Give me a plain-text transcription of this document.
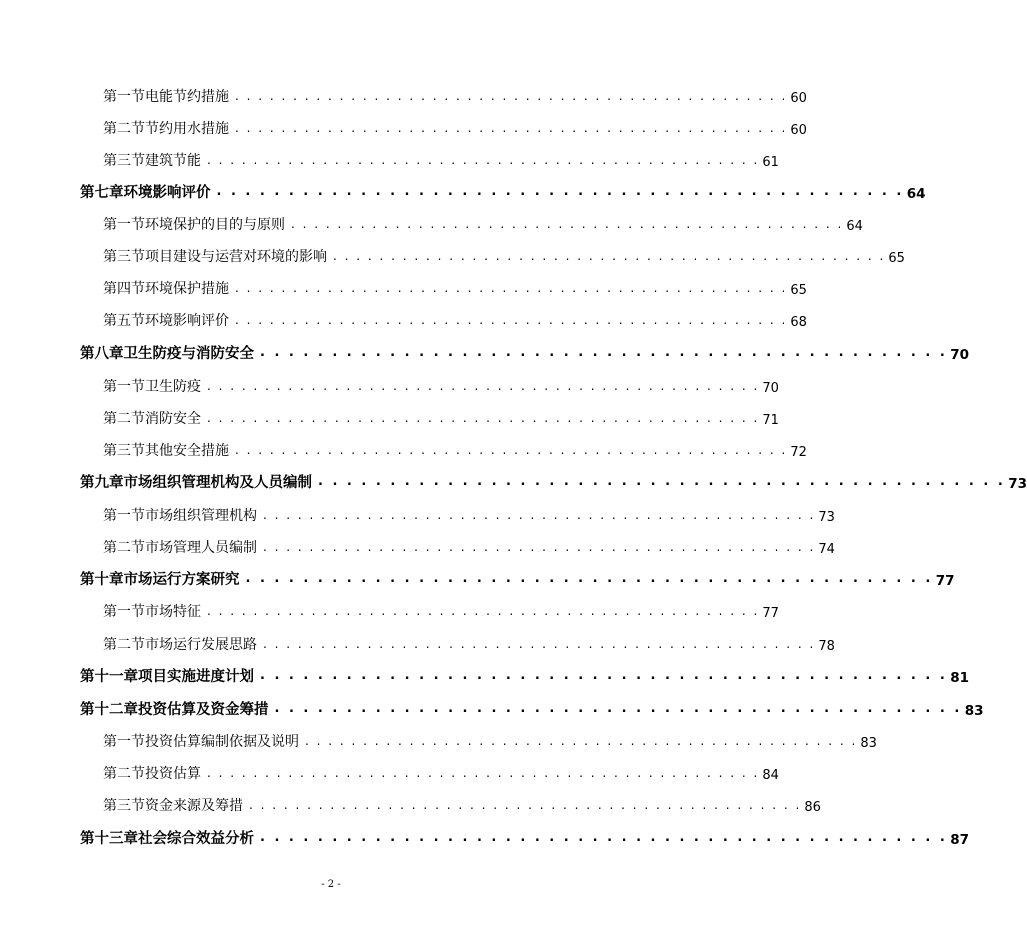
第一节 电能节约措施 . . . . . . . . . . . . . . . . . . . . . . . . . . . . . . . . . . . . . . . . . . . . . . . . 60
第二节 节约用水措施 . . . . . . . . . . . . . . . . . . . . . . . . . . . . . . . . . . . . . . . . . . . . . . . . 60
第三节 建筑节能 . . . . . . . . . . . . . . . . . . . . . . . . . . . . . . . . . . . . . . . . . . . . . . . . 61
第七章 环境影响评价 . . . . . . . . . . . . . . . . . . . . . . . . . . . . . . . . . . . . . . . . . . . . . . . . 64
第一节 环境保护的目的与原则 . . . . . . . . . . . . . . . . . . . . . . . . . . . . . . . . . . . . . . . . . . . . . . . . 64
第三节 项目建设与运营对环境的影响 . . . . . . . . . . . . . . . . . . . . . . . . . . . . . . . . . . . . . . . . . . . . . . . . 65
第四节 环境保护措施 . . . . . . . . . . . . . . . . . . . . . . . . . . . . . . . . . . . . . . . . . . . . . . . . 65
第五节 环境影响评价 . . . . . . . . . . . . . . . . . . . . . . . . . . . . . . . . . . . . . . . . . . . . . . . . 68
第八章 卫生防疫与消防安全 . . . . . . . . . . . . . . . . . . . . . . . . . . . . . . . . . . . . . . . . . . . . . . . . 70
第一节 卫生防疫 . . . . . . . . . . . . . . . . . . . . . . . . . . . . . . . . . . . . . . . . . . . . . . . . 70
第二节 消防安全 . . . . . . . . . . . . . . . . . . . . . . . . . . . . . . . . . . . . . . . . . . . . . . . . 71
第三节 其他安全措施 . . . . . . . . . . . . . . . . . . . . . . . . . . . . . . . . . . . . . . . . . . . . . . . . 72
第九章 市场组织管理机构及人员编制 . . . . . . . . . . . . . . . . . . . . . . . . . . . . . . . . . . . . . . . . . . . . . . . . 73
第一节 市场组织管理机构 . . . . . . . . . . . . . . . . . . . . . . . . . . . . . . . . . . . . . . . . . . . . . . . . 73
第二节 市场管理人员编制 . . . . . . . . . . . . . . . . . . . . . . . . . . . . . . . . . . . . . . . . . . . . . . . . 74
第十章 市场运行方案研究 . . . . . . . . . . . . . . . . . . . . . . . . . . . . . . . . . . . . . . . . . . . . . . . . 77
第一节 市场特征 . . . . . . . . . . . . . . . . . . . . . . . . . . . . . . . . . . . . . . . . . . . . . . . . 77
第二节 市场运行发展思路 . . . . . . . . . . . . . . . . . . . . . . . . . . . . . . . . . . . . . . . . . . . . . . . . 78
第十一章 项目实施进度计划 . . . . . . . . . . . . . . . . . . . . . . . . . . . . . . . . . . . . . . . . . . . . . . . . 81
第十二章 投资估算及资金筹措 . . . . . . . . . . . . . . . . . . . . . . . . . . . . . . . . . . . . . . . . . . . . . . . . 83
第一节 投资估算编制依据及说明 . . . . . . . . . . . . . . . . . . . . . . . . . . . . . . . . . . . . . . . . . . . . . . . . 83
第二节 投资估算 . . . . . . . . . . . . . . . . . . . . . . . . . . . . . . . . . . . . . . . . . . . . . . . . 84
第三节 资金来源及筹措 . . . . . . . . . . . . . . . . . . . . . . . . . . . . . . . . . . . . . . . . . . . . . . . . 86
第十三章 社会综合效益分析 . . . . . . . . . . . . . . . . . . . . . . . . . . . . . . . . . . . . . . . . . . . . . . . . 87
- 2 -
